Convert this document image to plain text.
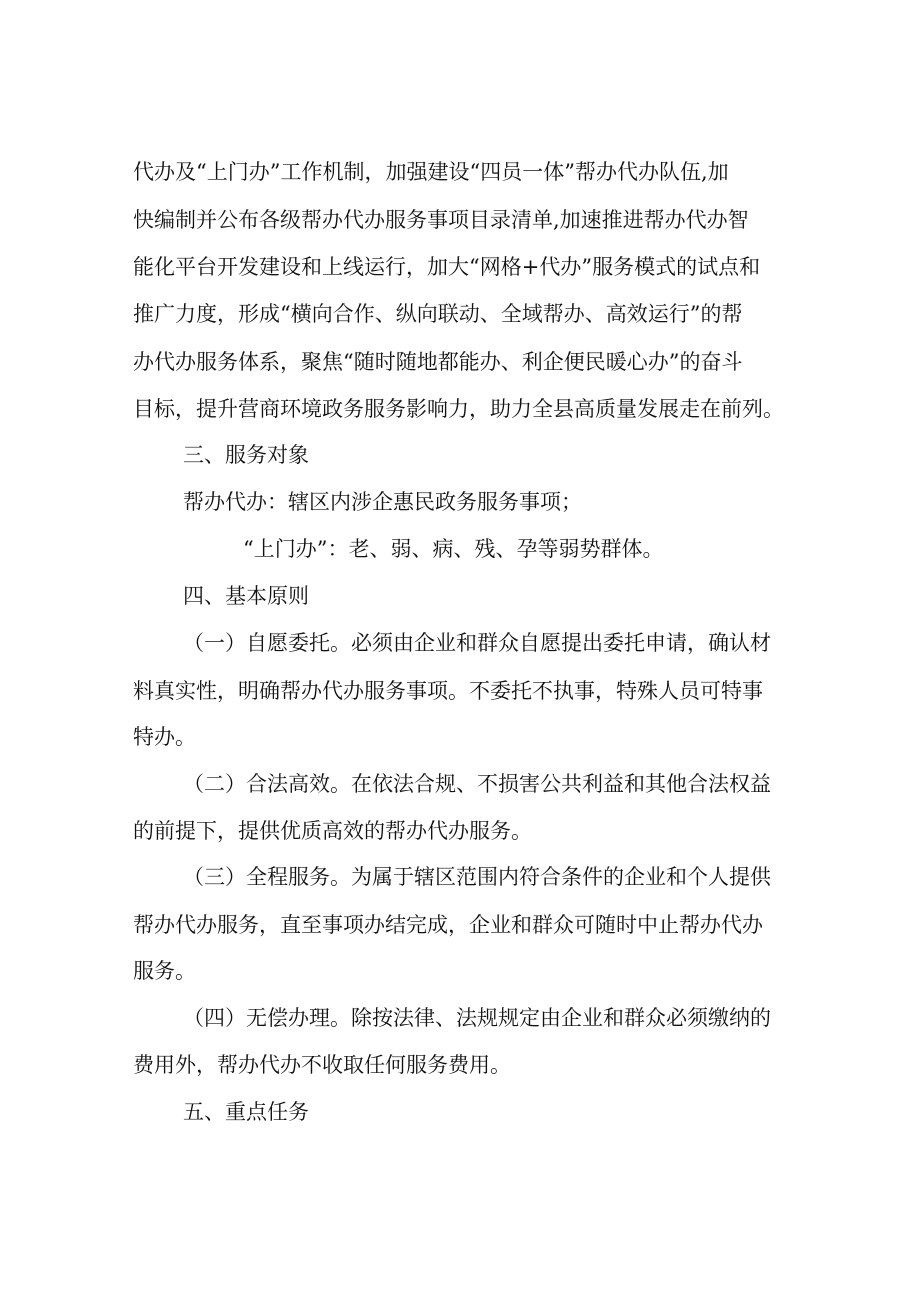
代办及“上门办”工作机制，加强建设“四员一体”帮办代办队伍,加
快编制并公布各级帮办代办服务事项目录清单,加速推进帮办代办智
能化平台开发建设和上线运行，加大“网格+代办”服务模式的试点和
推广力度，形成“横向合作、纵向联动、全域帮办、高效运行”的帮
办代办服务体系，聚焦“随时随地都能办、利企便民暖心办”的奋斗
目标，提升营商环境政务服务影响力，助力全县高质量发展走在前列。
三、服务对象
帮办代办：辖区内涉企惠民政务服务事项；
“上门办”：老、弱、病、残、孕等弱势群体。
四、基本原则
（一）自愿委托。必须由企业和群众自愿提出委托申请，确认材
料真实性，明确帮办代办服务事项。不委托不执事，特殊人员可特事
特办。
（二）合法高效。在依法合规、不损害公共利益和其他合法权益
的前提下，提供优质高效的帮办代办服务。
（三）全程服务。为属于辖区范围内符合条件的企业和个人提供
帮办代办服务，直至事项办结完成，企业和群众可随时中止帮办代办
服务。
（四）无偿办理。除按法律、法规规定由企业和群众必须缴纳的
费用外，帮办代办不收取任何服务费用。
五、重点任务
